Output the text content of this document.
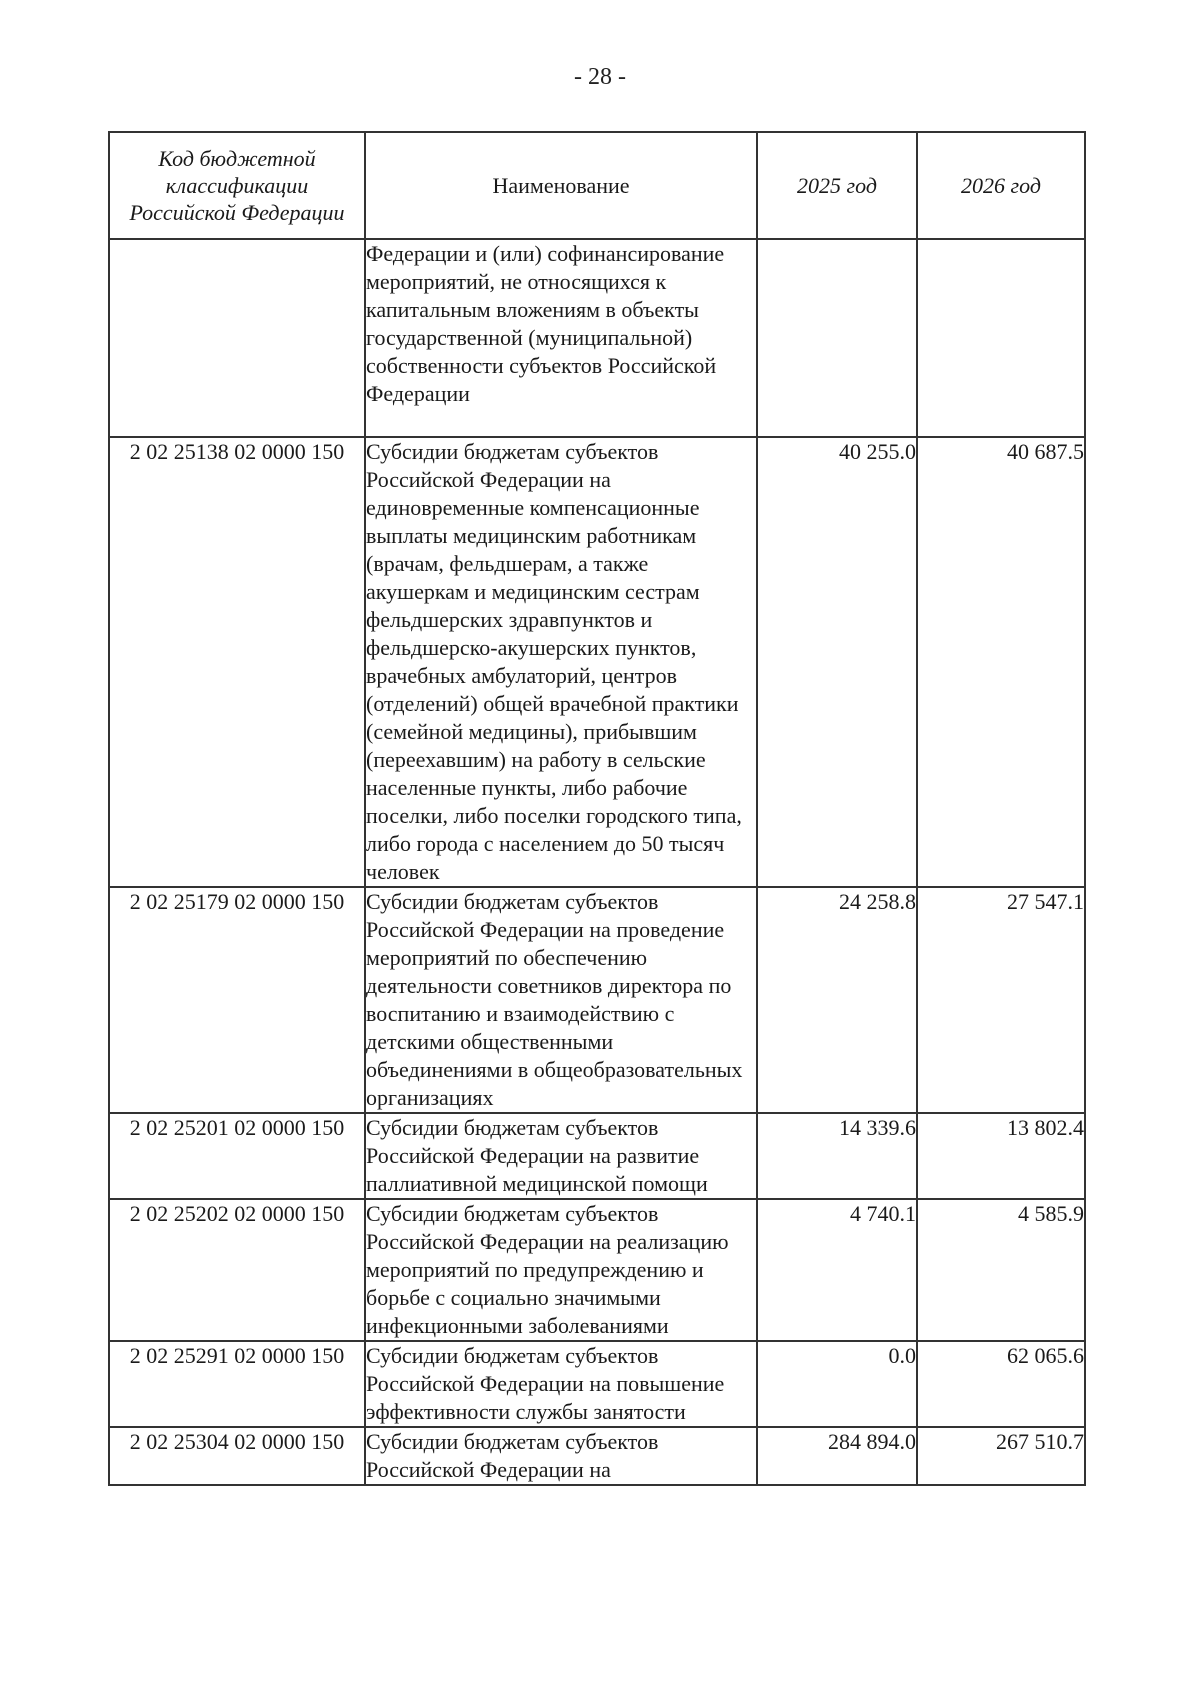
- 28 -
Код бюджетной классификации Российской Федерации	Наименование	2025 год	2026 год
	Федерации и (или) софинансирование мероприятий, не относящихся к капитальным вложениям в объекты государственной (муниципальной) собственности субъектов Российской Федерации		
2 02 25138 02 0000 150	Субсидии бюджетам субъектов Российской Федерации на единовременные компенсационные выплаты медицинским работникам (врачам, фельдшерам, а также акушеркам и медицинским сестрам фельдшерских здравпунктов и фельдшерско-акушерских пунктов, врачебных амбулаторий, центров (отделений) общей врачебной практики (семейной медицины), прибывшим (переехавшим) на работу в сельские населенные пункты, либо рабочие поселки, либо поселки городского типа, либо города с населением до 50 тысяч человек	40 255.0	40 687.5
2 02 25179 02 0000 150	Субсидии бюджетам субъектов Российской Федерации на проведение мероприятий по обеспечению деятельности советников директора по воспитанию и взаимодействию с детскими общественными объединениями в общеобразовательных организациях	24 258.8	27 547.1
2 02 25201 02 0000 150	Субсидии бюджетам субъектов Российской Федерации на развитие паллиативной медицинской помощи	14 339.6	13 802.4
2 02 25202 02 0000 150	Субсидии бюджетам субъектов Российской Федерации на реализацию мероприятий по предупреждению и борьбе с социально значимыми инфекционными заболеваниями	4 740.1	4 585.9
2 02 25291 02 0000 150	Субсидии бюджетам субъектов Российской Федерации на повышение эффективности службы занятости	0.0	62 065.6
2 02 25304 02 0000 150	Субсидии бюджетам субъектов Российской Федерации на	284 894.0	267 510.7
